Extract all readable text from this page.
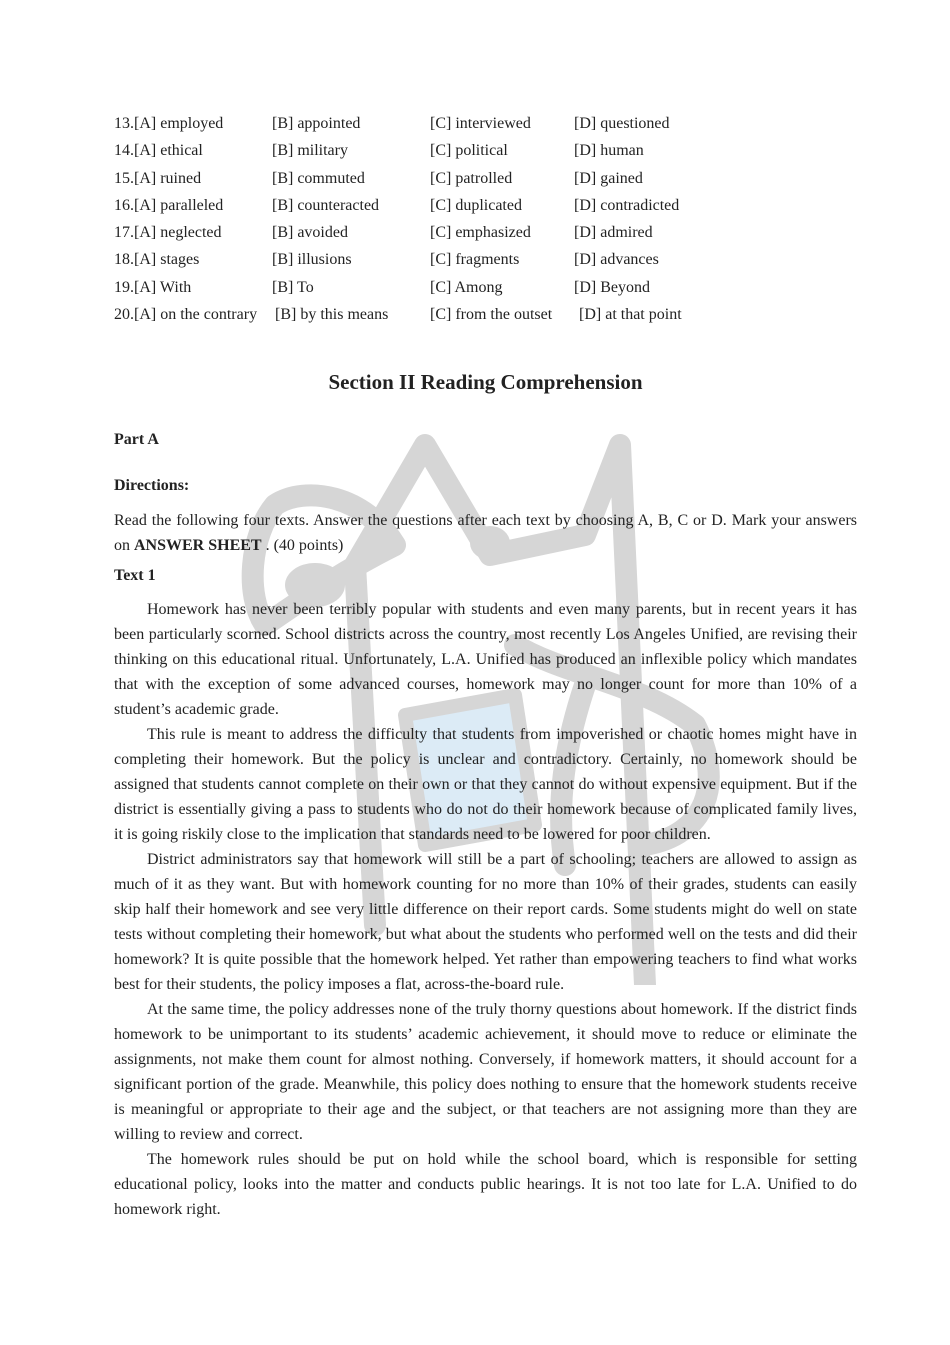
13.[A] employed	[B] appointed	[C] interviewed	[D] questioned
14.[A] ethical	[B] military	[C] political	[D] human
15.[A] ruined	[B] commuted	[C] patrolled	[D] gained
16.[A] paralleled	[B] counteracted	[C] duplicated	[D] contradicted
17.[A] neglected	[B] avoided	[C] emphasized	[D] admired
18.[A] stages	[B] illusions	[C] fragments	[D] advances
19.[A] With	[B] To	[C] Among	[D] Beyond
20.[A] on the contrary [B] by this means	[C] from the outset [D] at that point
Section II Reading Comprehension
Part A
Directions:
Read the following four texts. Answer the questions after each text by choosing A, B, C or D. Mark your answers on ANSWER SHEET . (40 points)
Text 1

Homework has never been terribly popular with students and even many parents, but in recent years it has been particularly scorned. School districts across the country, most recently Los Angeles Unified, are revising their thinking on this educational ritual. Unfortunately, L.A. Unified has produced an inflexible policy which mandates that with the exception of some advanced courses, homework may no longer count for more than 10% of a student’s academic grade.

This rule is meant to address the difficulty that students from impoverished or chaotic homes might have in completing their homework. But the policy is unclear and contradictory. Certainly, no homework should be assigned that students cannot complete on their own or that they cannot do without expensive equipment. But if the district is essentially giving a pass to students who do not do their homework because of complicated family lives, it is going riskily close to the implication that standards need to be lowered for poor children.

District administrators say that homework will still be a part of schooling; teachers are allowed to assign as much of it as they want. But with homework counting for no more than 10% of their grades, students can easily skip half their homework and see very little difference on their report cards. Some students might do well on state tests without completing their homework, but what about the students who performed well on the tests and did their homework? It is quite possible that the homework helped. Yet rather than empowering teachers to find what works best for their students, the policy imposes a flat, across-the-board rule.

At the same time, the policy addresses none of the truly thorny questions about homework. If the district finds homework to be unimportant to its students’ academic achievement, it should move to reduce or eliminate the assignments, not make them count for almost nothing. Conversely, if homework matters, it should account for a significant portion of the grade. Meanwhile, this policy does nothing to ensure that the homework students receive is meaningful or appropriate to their age and the subject, or that teachers are not assigning more than they are willing to review and correct.

The homework rules should be put on hold while the school board, which is responsible for setting educational policy, looks into the matter and conducts public hearings. It is not too late for L.A. Unified to do homework right.
